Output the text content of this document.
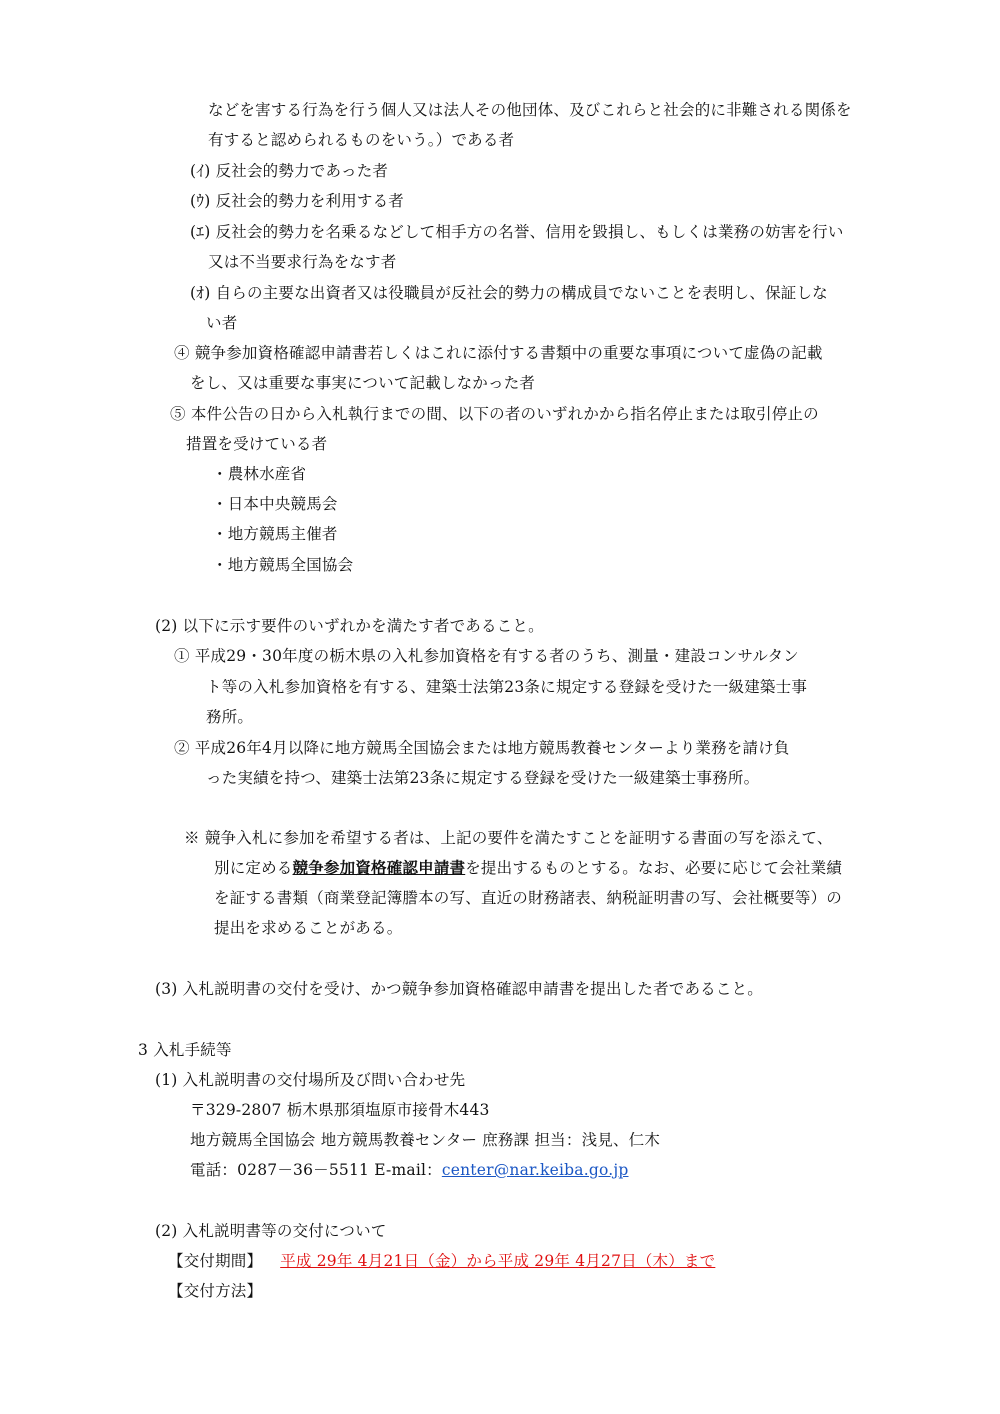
などを害する行為を行う個人又は法人その他団体、及びこれらと社会的に非難される関係を
有すると認められるものをいう。）である者
(ｲ) 反社会的勢力であった者
(ｳ) 反社会的勢力を利用する者
(ｴ) 反社会的勢力を名乗るなどして相手方の名誉、信用を毀損し、もしくは業務の妨害を行い
又は不当要求行為をなす者
(ｵ) 自らの主要な出資者又は役職員が反社会的勢力の構成員でないことを表明し、保証しな
い者
④ 競争参加資格確認申請書若しくはこれに添付する書類中の重要な事項について虚偽の記載
をし、又は重要な事実について記載しなかった者
⑤ 本件公告の日から入札執行までの間、以下の者のいずれかから指名停止または取引停止の
措置を受けている者
・農林水産省
・日本中央競馬会
・地方競馬主催者
・地方競馬全国協会
(2) 以下に示す要件のいずれかを満たす者であること。
① 平成29・30年度の栃木県の入札参加資格を有する者のうち、測量・建設コンサルタン
ト等の入札参加資格を有する、建築士法第23条に規定する登録を受けた一級建築士事
務所。
② 平成26年4月以降に地方競馬全国協会または地方競馬教養センターより業務を請け負
った実績を持つ、建築士法第23条に規定する登録を受けた一級建築士事務所。
※ 競争入札に参加を希望する者は、上記の要件を満たすことを証明する書面の写を添えて、
別に定める競争参加資格確認申請書を提出するものとする。なお、必要に応じて会社業績
を証する書類（商業登記簿謄本の写、直近の財務諸表、納税証明書の写、会社概要等）の
提出を求めることがある。
(3) 入札説明書の交付を受け、かつ競争参加資格確認申請書を提出した者であること。
3 入札手続等
(1) 入札説明書の交付場所及び問い合わせ先
〒329-2807 栃木県那須塩原市接骨木443
地方競馬全国協会 地方競馬教養センター 庶務課 担当：浅見、仁木
電話：0287－36－5511 E-mail：center@nar.keiba.go.jp
(2) 入札説明書等の交付について
【交付期間】 平成 29年 4月21日（金）から平成 29年 4月27日（木）まで
【交付方法】
